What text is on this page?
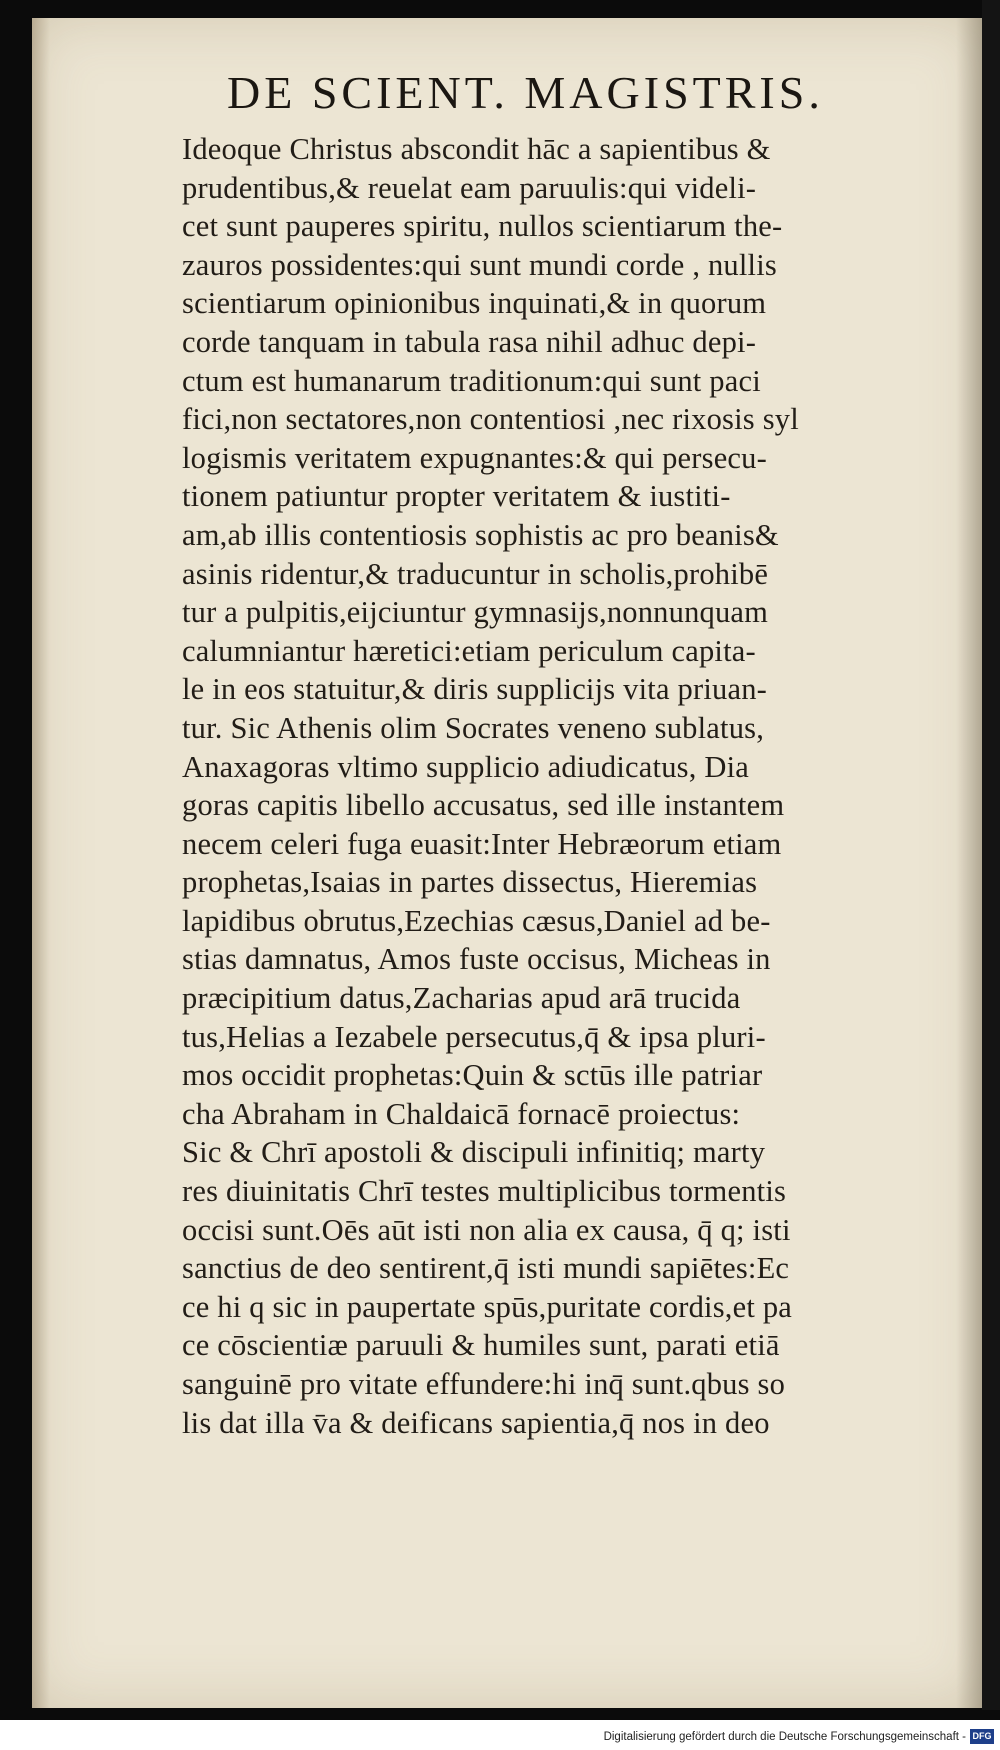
DE SCIENT. MAGISTRIS.
Ideoque Christus abscondit hāc a sapientibus &
prudentibus,& reuelat eam paruulis:qui videli-
cet sunt pauperes spiritu, nullos scientiarum the-
zauros possidentes:qui sunt mundi corde , nullis
scientiarum opinionibus inquinati,& in quorum
corde tanquam in tabula rasa nihil adhuc depi-
ctum est humanarum traditionum:qui sunt paci
fici,non sectatores,non contentiosi ,nec rixosis syl
logismis veritatem expugnantes:& qui persecu-
tionem patiuntur propter veritatem & iustiti-
am,ab illis contentiosis sophistis ac pro beanis&
asinis ridentur,& traducuntur in scholis,prohibē
tur a pulpitis,eijciuntur gymnasijs,nonnunquam
calumniantur hæretici:etiam periculum capita-
le in eos statuitur,& diris supplicijs vita priuan-
tur. Sic Athenis olim Socrates veneno sublatus,
Anaxagoras vltimo supplicio adiudicatus, Dia
goras capitis libello accusatus, sed ille instantem
necem celeri fuga euasit:Inter Hebræorum etiam
prophetas,Isaias in partes dissectus, Hieremias
lapidibus obrutus,Ezechias cæsus,Daniel ad be-
stias damnatus, Amos fuste occisus, Micheas in
præcipitium datus,Zacharias apud arā trucida
tus,Helias a Iezabele persecutus,q̄ & ipsa pluri-
mos occidit prophetas:Quin & sctūs ille patriar
cha Abraham in Chaldaicā fornacē proiectus:
Sic & Chrī apostoli & discipuli infinitiq; marty
res diuinitatis Chrī testes multiplicibus tormentis
occisi sunt.Oēs aūt isti non alia ex causa, q̄ q; isti
sanctius de deo sentirent,q̄ isti mundi sapiētes:Ec
ce hi q sic in paupertate spūs,puritate cordis,et pa
ce cōscientiæ paruuli & humiles sunt, parati etiā
sanguinē pro vitate effundere:hi inq̄ sunt.qbus so
lis dat illa v̄a & deificans sapientia,q̄ nos in deo
Digitalisierung gefördert durch die Deutsche Forschungsgemeinschaft - DFG
